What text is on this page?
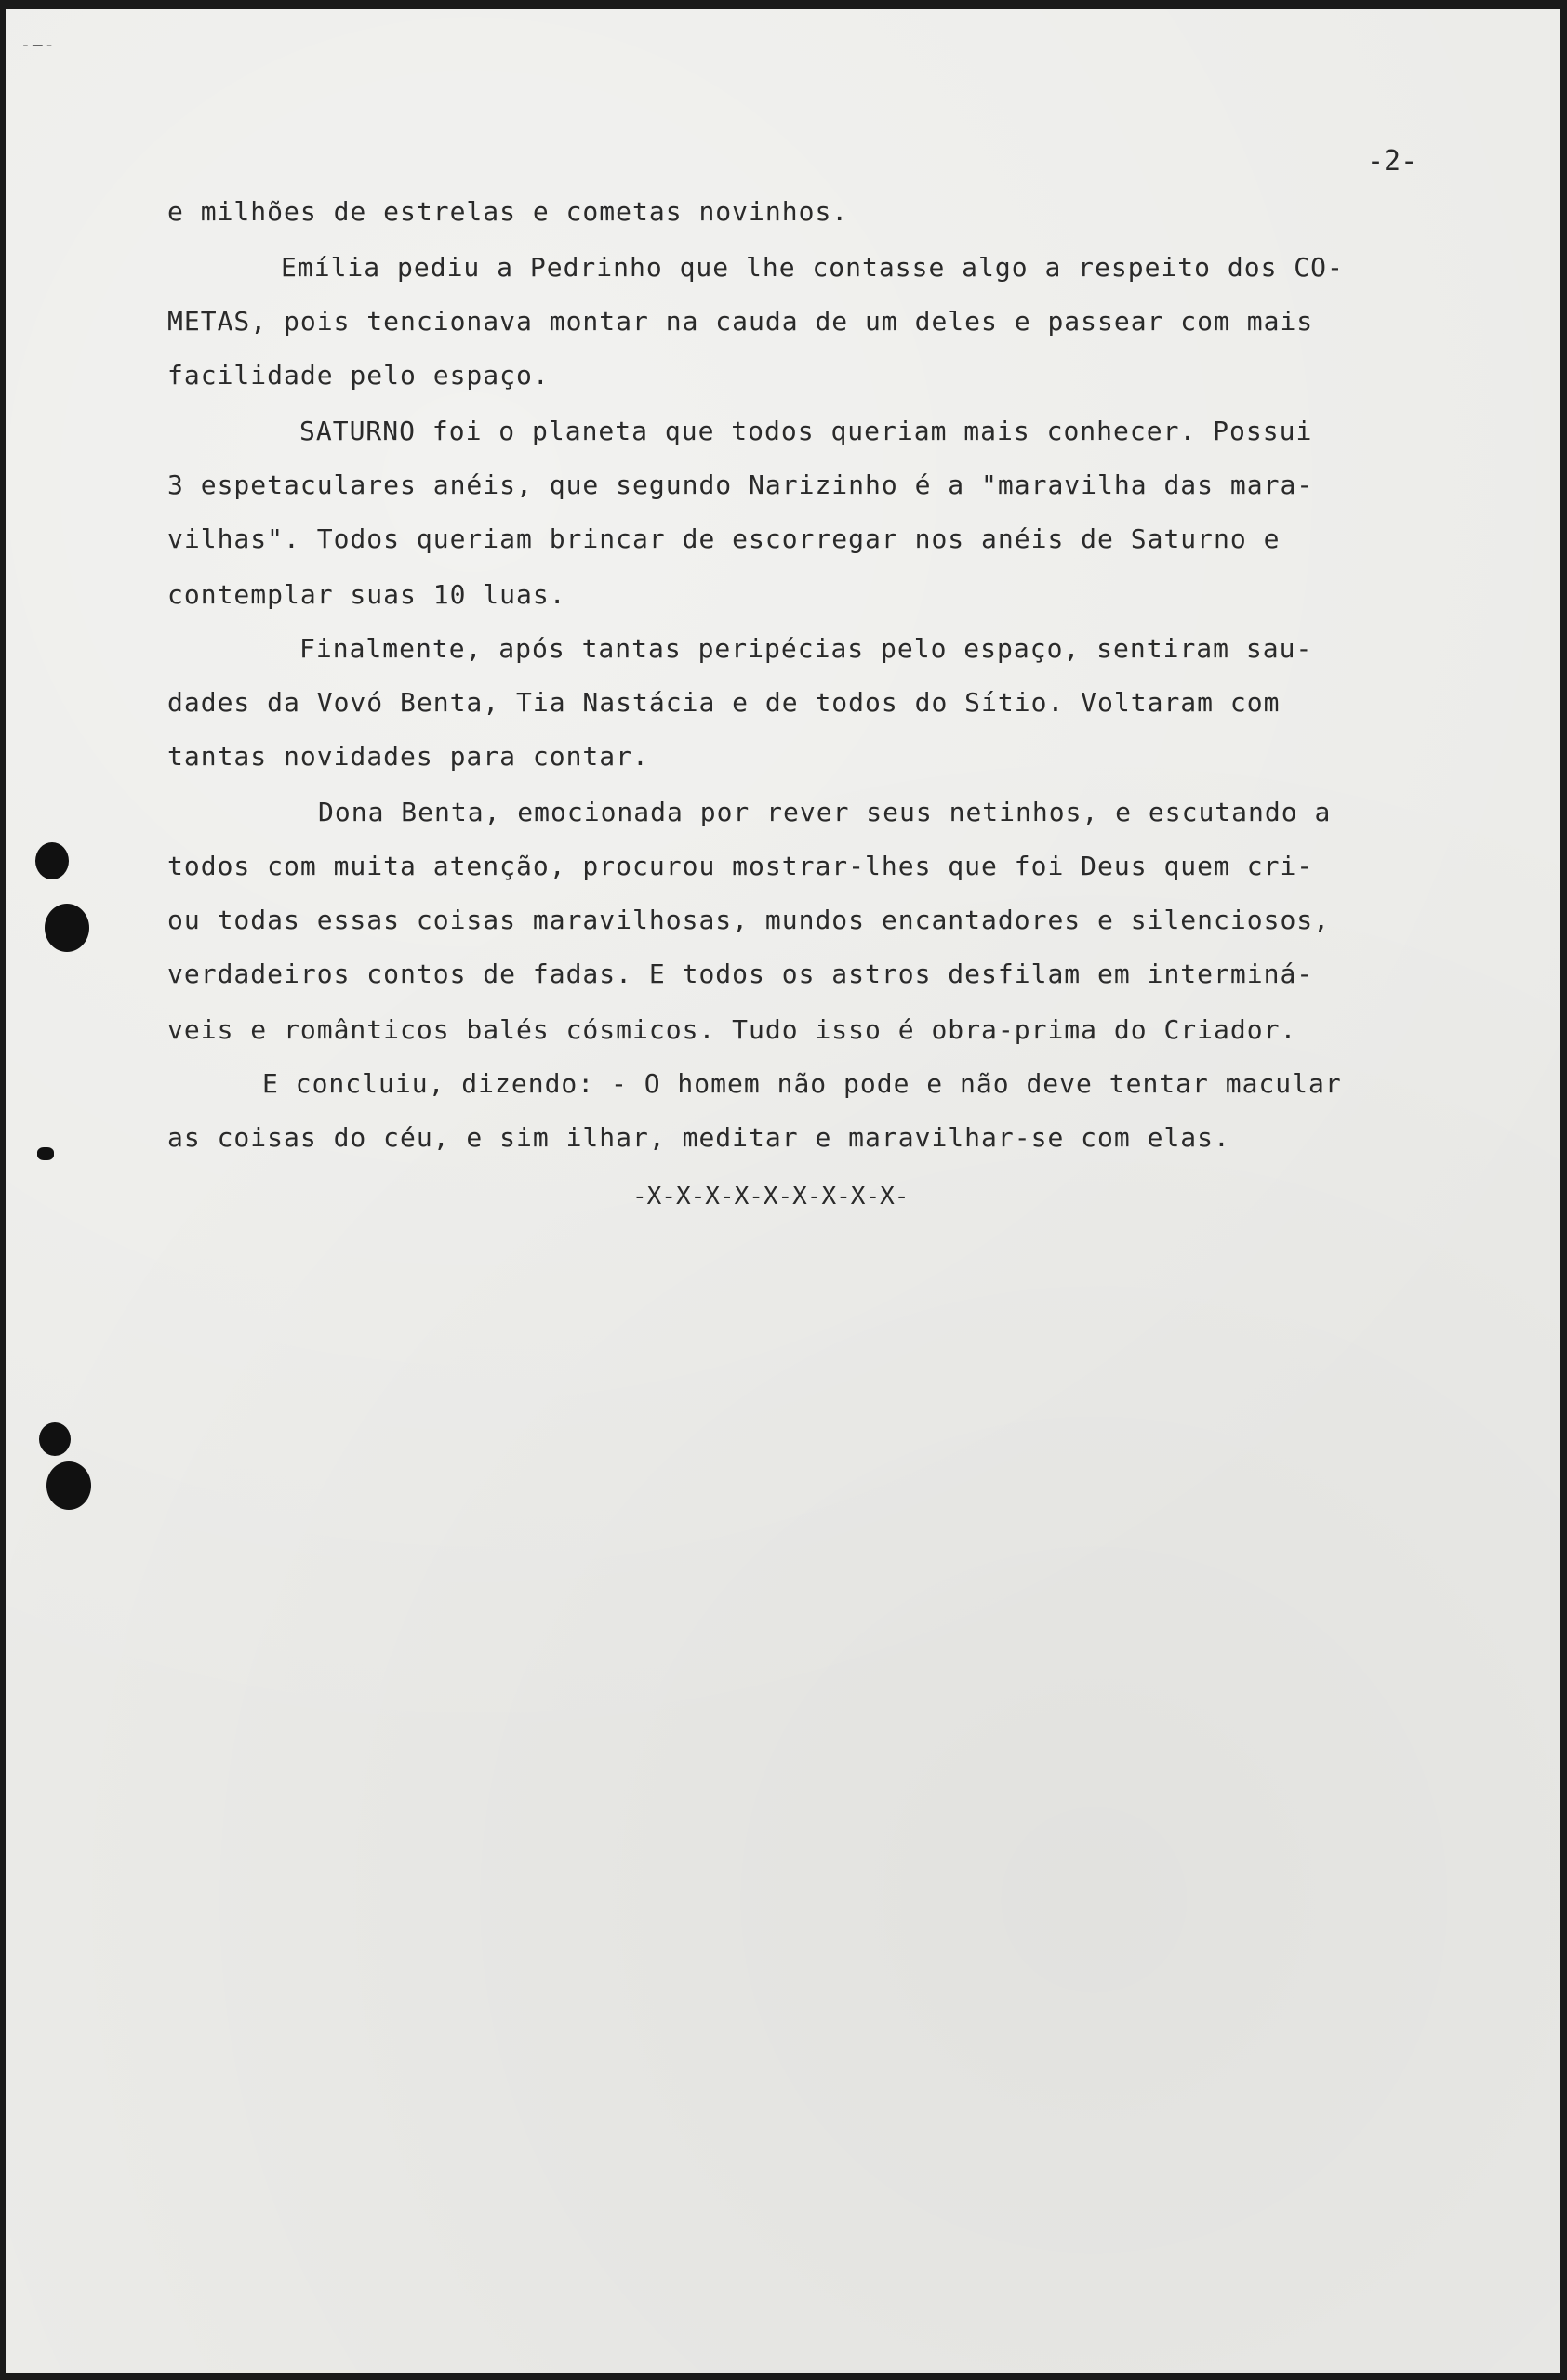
‐—‐
-2-
e milhões de estrelas e cometas novinhos.
Emília pediu a Pedrinho que lhe contasse algo a respeito dos CO-
METAS, pois tencionava montar na cauda de um deles e passear com mais
facilidade pelo espaço.
SATURNO foi o planeta que todos queriam mais conhecer. Possui
3 espetaculares anéis, que segundo Narizinho é a "maravilha das mara-
vilhas". Todos queriam brincar de escorregar nos anéis de Saturno e
contemplar suas 10 luas.
Finalmente, após tantas peripécias pelo espaço, sentiram sau-
dades da Vovó Benta, Tia Nastácia e de todos do Sítio. Voltaram com
tantas novidades para contar.
Dona Benta, emocionada por rever seus netinhos, e escutando a
todos com muita atenção, procurou mostrar-lhes que foi Deus quem cri-
ou todas essas coisas maravilhosas, mundos encantadores e silenciosos,
verdadeiros contos de fadas. E todos os astros desfilam em interminá-
veis e românticos balés cósmicos. Tudo isso é obra-prima do Criador.
E concluiu, dizendo: - O homem não pode e não deve tentar macular
as coisas do céu, e sim ilhar, meditar e maravilhar-se com elas.
-X-X-X-X-X-X-X-X-X-
